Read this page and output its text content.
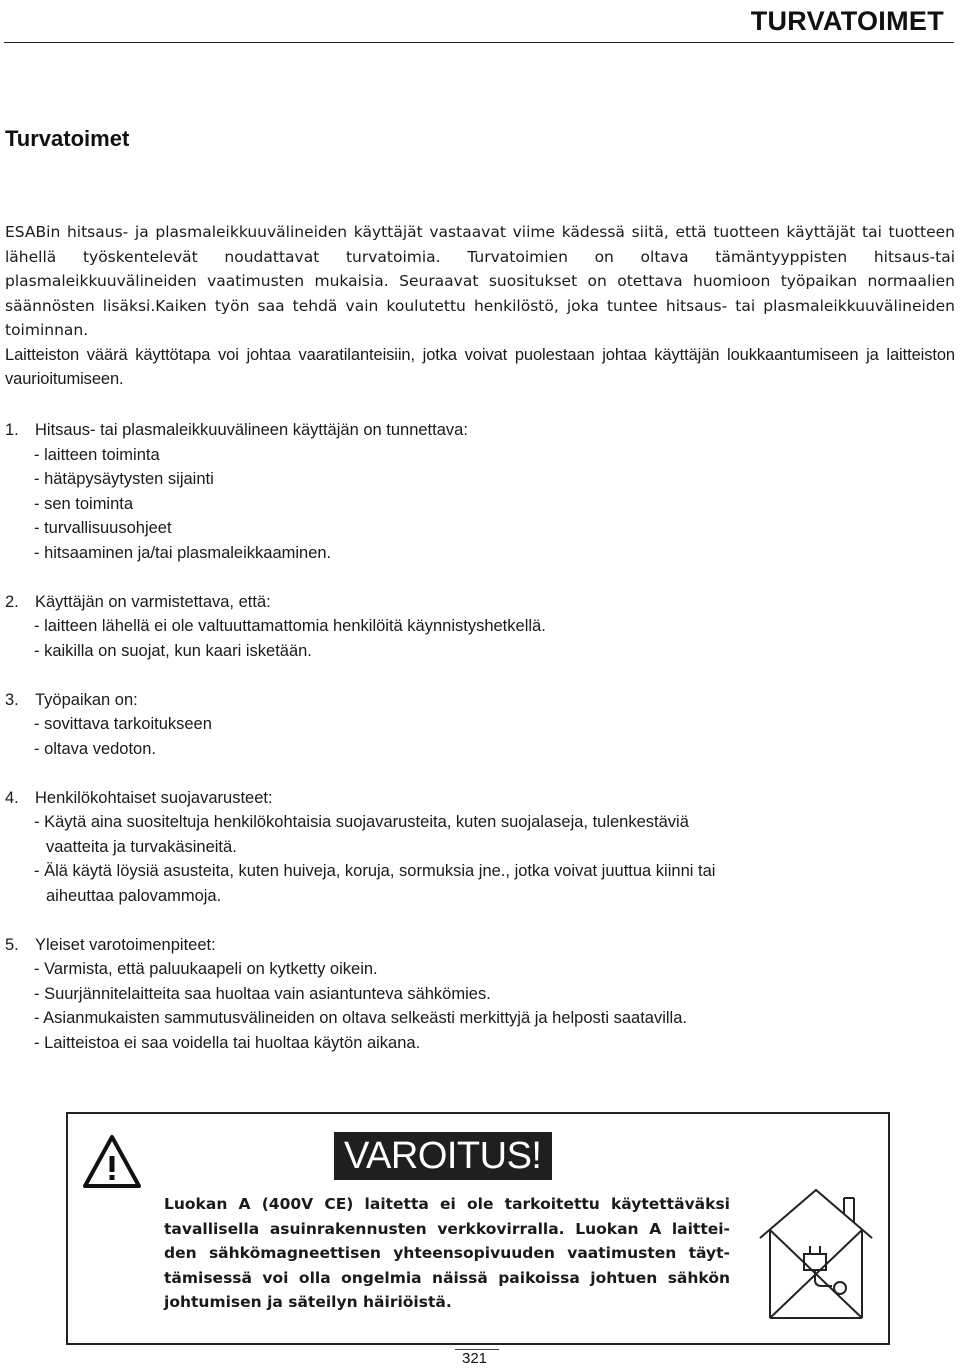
TURVATOIMET
Turvatoimet
ESABin hitsaus- ja plasmaleikkuuvälineiden käyttäjät vastaavat viime kädessä siitä, että tuotteen käyttäjät tai tuotteen lähellä työskentelevät noudattavat turvatoimia. Turvatoimien on oltava tämäntyyppisten hitsaus-tai plasmaleikkuuvälineiden vaatimusten mukaisia. Seuraavat suositukset on otettava huomioon työpaikan normaalien säännösten lisäksi.Kaiken työn saa tehdä vain koulutettu henkilöstö, joka tuntee hitsaus- tai plasmaleikkuuvälineiden toiminnan.
Laitteiston väärä käyttötapa voi johtaa vaaratilanteisiin, jotka voivat puolestaan johtaa käyttäjän loukkaantumiseen ja laitteiston vaurioitumiseen.
1. Hitsaus- tai plasmaleikkuuvälineen käyttäjän on tunnettava:
- laitteen toiminta
- hätäpysäytysten sijainti
- sen toiminta
- turvallisuusohjeet
- hitsaaminen ja/tai plasmaleikkaaminen.
2. Käyttäjän on varmistettava, että:
- laitteen lähellä ei ole valtuuttamattomia henkilöitä käynnistyshetkellä.
- kaikilla on suojat, kun kaari isketään.
3. Työpaikan on:
- sovittava tarkoitukseen
- oltava vedoton.
4. Henkilökohtaiset suojavarusteet:
- Käytä aina suositeltuja henkilökohtaisia suojavarusteita, kuten suojalaseja, tulenkestäviä
vaatteita ja turvakäsineitä.
- Älä käytä löysiä asusteita, kuten huiveja, koruja, sormuksia jne., jotka voivat juuttua kiinni tai
aiheuttaa palovammoja.
5. Yleiset varotoimenpiteet:
- Varmista, että paluukaapeli on kytketty oikein.
- Suurjännitelaitteita saa huoltaa vain asiantunteva sähkömies.
- Asianmukaisten sammutusvälineiden on oltava selkeästi merkittyjä ja helposti saatavilla.
- Laitteistoa ei saa voidella tai huoltaa käytön aikana.
VAROITUS!
Luokan A (400V CE) laitetta ei ole tarkoitettu käytettäväksi tavallisella asuinrakennusten verkkovirralla. Luokan A laittei-den sähkömagneettisen yhteensopivuuden vaatimusten täyt-tämisessä voi olla ongelmia näissä paikoissa johtuen sähkön johtumisen ja säteilyn häiriöistä.
321
